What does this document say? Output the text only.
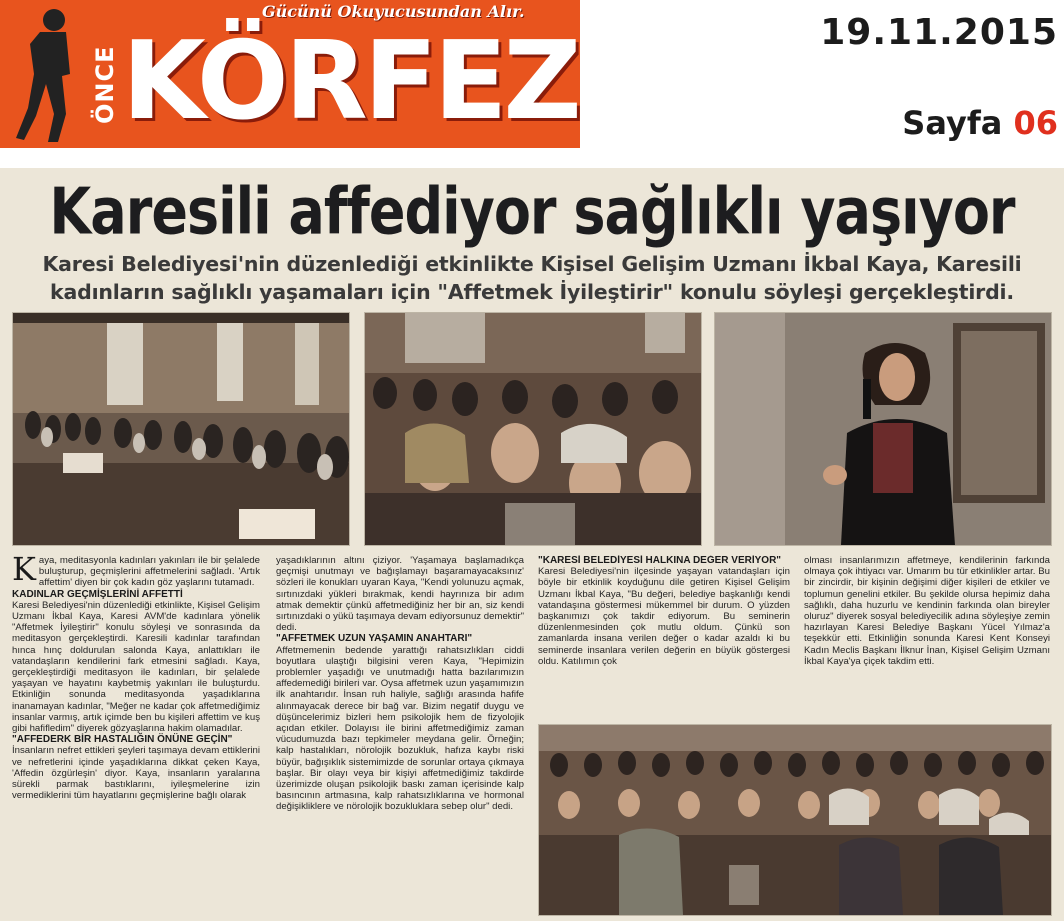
ÖNCE KÖRFEZ
Gücünü Okuyucusundan Alır.
19.11.2015
Sayfa 06
Karesili affediyor sağlıklı yaşıyor
Karesi Belediyesi'nin düzenlediği etkinlikte Kişisel Gelişim Uzmanı İkbal Kaya, Karesili kadınların sağlıklı yaşamaları için "Affetmek İyileştirir" konulu söyleşi gerçekleştirdi.
K aya, meditasyonla kadınları yakınları ile bir şelalede buluşturup, geçmişlerini affetmelerini sağladı. 'Artık affettim' diyen bir çok kadın göz yaşlarını tutamadı.

KADINLAR GEÇMİŞLERİNİ AFFETTİ

Karesi Belediyesi'nin düzenlediği etkinlikte, Kişisel Gelişim Uzmanı İkbal Kaya, Karesi AVM'de kadınlara yönelik "Affetmek İyileştirir" konulu söyleşi ve sonrasında da meditasyon gerçekleştirdi. Karesili kadınlar tarafından hınca hınç doldurulan salonda Kaya, anlattıkları ile vatandaşların kendilerini fark etmesini sağladı. Kaya, gerçekleştirdiği meditasyon ile kadınları, bir şelalede yaşayan ve hayatını kaybetmiş yakınları ile buluşturdu. Etkinliğin sonunda meditasyonda yaşadıklarına inanamayan kadınlar, "Meğer ne kadar çok affetmediğimiz insanlar varmış, artık içimde ben bu kişileri affettim ve kuş gibi hafifledim" diyerek gözyaşlarına hakim olamadılar.

"AFFEDERK BİR HASTALIĞIN ÖNÜNE GEÇİN"

İnsanların nefret ettikleri şeyleri taşımaya devam ettiklerini ve nefretlerini içinde yaşadıklarına dikkat çeken Kaya, 'Affedin özgürleşin' diyor. Kaya, insanların yaralarına sürekli parmak bastıklarını, iyileşmelerine izin vermediklerini tüm hayatlarını geçmişlerine bağlı olarak

yaşadıklarının altını çiziyor. 'Yaşamaya başlamadıkça geçmişi unutmayı ve bağışlamayı başaramayacaksınız' sözleri ile konukları uyaran Kaya, "Kendi yolunuzu açmak, sırtınızdaki yükleri bırakmak, kendi hayrınıza bir adım atmak demektir çünkü affetmediğiniz her bir an, siz kendi sırtınızdaki o yükü taşımaya devam ediyorsunuz demektir" dedi.

"AFFETMEK UZUN YAŞAMIN ANAHTARI"

Affetmemenin bedende yarattığı rahatsızlıkları ciddi boyutlara ulaştığı bilgisini veren Kaya, "Hepimizin problemler yaşadığı ve unutmadığı hatta bazılarımızın affedemediği birileri var. Oysa affetmek uzun yaşamımızın ilk anahtarıdır. İnsan ruh haliyle, sağlığı arasında hafife alınmayacak derece bir bağ var. Bizim negatif duygu ve düşüncelerimiz bizleri hem psikolojik hem de fizyolojik açıdan etkiler. Dolayısı ile birini affetmediğimiz zaman vücudumuzda bazı tepkimeler meydana gelir. Örneğin; kalp hastalıkları, nörolojik bozukluk, hafıza kaybı riski büyür, bağışıklık sistemimizde de sorunlar ortaya çıkmaya başlar. Bir olayı veya bir kişiyi affetmediğimiz takdirde üzerimizde oluşan psikolojik baskı zaman içerisinde kalp basıncının artmasına, kalp rahatsızlıklarına ve hormonal değişikliklere ve nörolojik bozukluklara sebep olur" dedi.

"KARESİ BELEDİYESİ HALKINA DEĞER VERİYOR"

Karesi Belediyesi'nin ilçesinde yaşayan vatandaşları için böyle bir etkinlik koyduğunu dile getiren Kişisel Gelişim Uzmanı İkbal Kaya, "Bu değeri, belediye başkanlığı kendi vatandaşına göstermesi mükemmel bir durum. O yüzden başkanımızı çok takdir ediyorum. Bu seminerin düzenlenmesinden çok mutlu oldum. Çünkü son zamanlarda insana verilen değer o kadar azaldı ki bu seminerde insanlara verilen değerin en büyük göstergesi oldu. Katılımın çok

olması insanlarımızın affetmeye, kendilerinin farkında olmaya çok ihtiyacı var. Umarım bu tür etkinlikler artar. Bu bir zincirdir, bir kişinin değişimi diğer kişileri de etkiler ve toplumun genelini etkiler. Bu şekilde olursa hepimiz daha sağlıklı, daha huzurlu ve kendinin farkında olan bireyler oluruz" diyerek sosyal belediyecilik adına söyleşiye zemin hazırlayan Karesi Belediye Başkanı Yücel Yılmaz'a teşekkür etti. Etkinliğin sonunda Karesi Kent Konseyi Kadın Meclis Başkanı İlknur İnan, Kişisel Gelişim Uzmanı İkbal Kaya'ya çiçek takdim etti.
